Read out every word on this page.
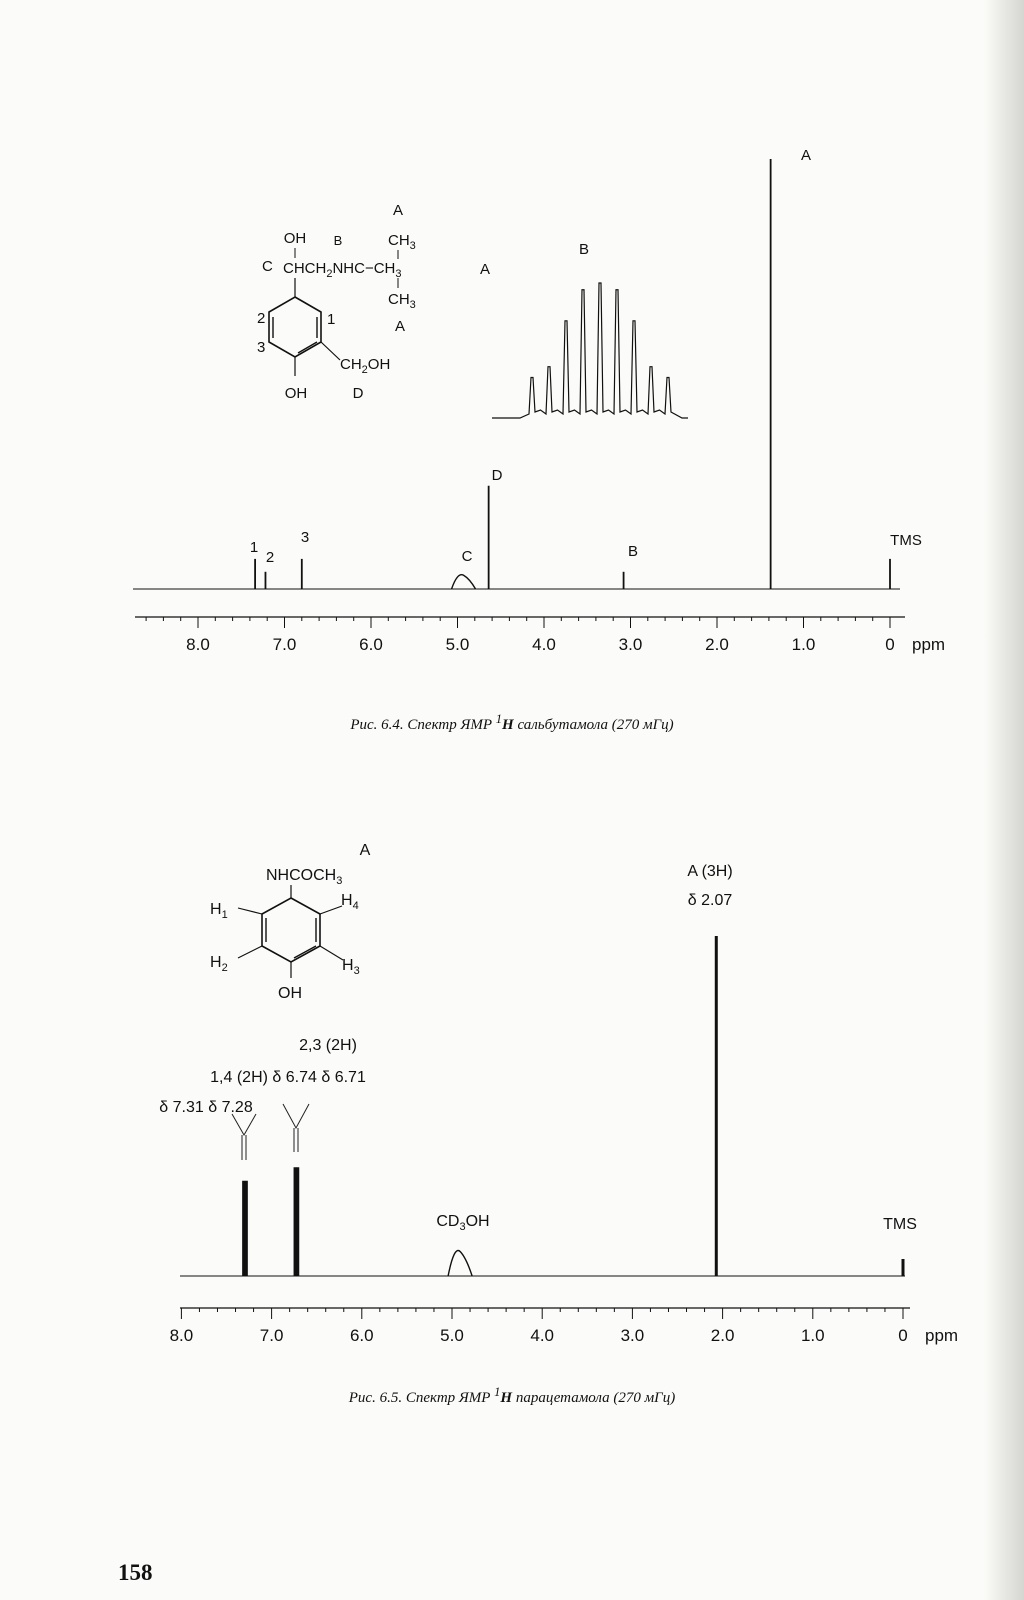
A
OH B	$CH_3$
C $CHCH_2NHC-CH_3$	A
$CH_3$
A
2	1
3
$CH_2OH$
OH	D
B
1
2
3
C
D
B
A
TMS
8.0	7.0	6.0	5.0	4.0	3.0	2.0	1.0	0 ppm
A
$NHCOCH_3$
$H_1$
$H_4$
$H_2$	$H_3$
OH
A (3H)
δ 2.07
2,3 (2H)
1,4 (2H) δ 6.74 δ 6.71
δ 7.31 δ 7.28
$CD_3OH$	TMS
8.0	7.0	6.0	5.0	4.0	3.0	2.0	1.0	0 ppm
Рис. 6.4. Спектр ЯМР $^1$H сальбутамола (270 мГц)
Рис. 6.5. Спектр ЯМР $^1$H парацетамола (270 мГц)
158
